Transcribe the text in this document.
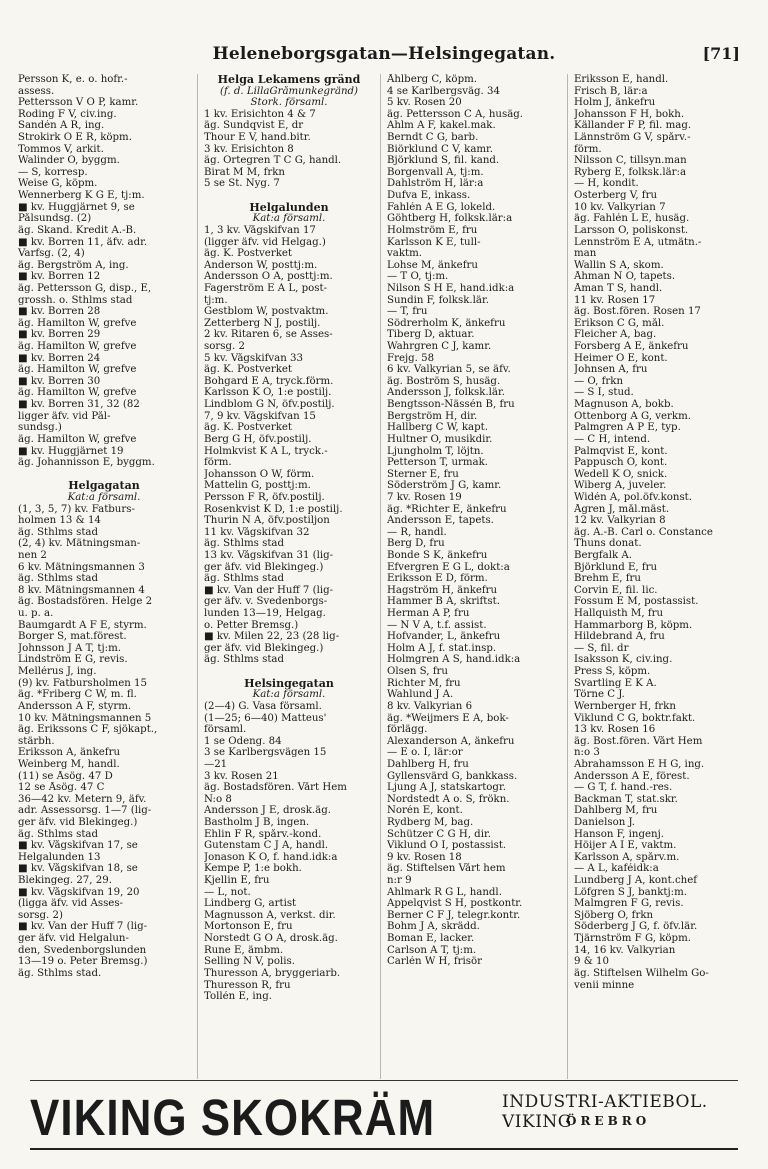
Heleneborgsgatan—Helsingegatan.	[71]
Persson K, e. o. hofr.-
assess.
Pettersson V O P, kamr.
Roding F V, civ.ing.
Sandén A R, ing.
Strokirk O E R, köpm.
Tommos V, arkit.
Walinder O, byggm.
— S, korresp.
Weise G, köpm.
Wennerberg K G E, tj:m.
■ kv. Huggjärnet 9, se
Pålsundsg. (2)
äg. Skand. Kredit A.-B.
■ kv. Borren 11, äfv. adr.
Varfsg. (2, 4)
äg. Bergström A, ing.
■ kv. Borren 12
äg. Pettersson G, disp., E,
grossh. o. Sthlms stad
■ kv. Borren 28
äg. Hamilton W, grefve
■ kv. Borren 29
äg. Hamilton W, grefve
■ kv. Borren 24
äg. Hamilton W, grefve
■ kv. Borren 30
äg. Hamilton W, grefve
■ kv. Borren 31, 32 (82
ligger äfv. vid Pål-
sundsg.)
äg. Hamilton W, grefve
■ kv. Huggjärnet 19
äg. Johannisson E, byggm.
Helgagatan
Kat:a församl.
(1, 3, 5, 7) kv. Fatburs-
holmen 13 & 14
äg. Sthlms stad
(2, 4) kv. Mätningsman-
nen 2
6 kv. Mätningsmannen 3
äg. Sthlms stad
8 kv. Mätningsmannen 4
äg. Bostadsfören. Helge 2
u. p. a.
Baumgardt A F E, styrm.
Borger S, mat.förest.
Johnsson J A T, tj:m.
Lindström E G, revis.
Mellérus J, ing.
(9) kv. Fatbursholmen 15
äg. *Friberg C W, m. fl.
Andersson A F, styrm.
10 kv. Mätningsmannen 5
äg. Erikssons C F, sjökapt.,
stärbh.
Eriksson A, änkefru
Weinberg M, handl.
(11) se Åsög. 47 D
12 se Åsög. 47 C
36—42 kv. Metern 9, äfv.
adr. Assessorsg. 1—7 (lig-
ger äfv. vid Blekingeg.)
äg. Sthlms stad
■ kv. Vågskifvan 17, se
Helgalunden 13
■ kv. Vågskifvan 18, se
Blekingeg. 27, 29.
■ kv. Vågskifvan 19, 20
(ligga äfv. vid Asses-
sorsg. 2)
■ kv. Van der Huff 7 (lig-
ger äfv. vid Helgalun-
den, Svedenborgslunden
13—19 o. Peter Bremsg.)
äg. Sthlms stad.
Helga Lekamens gränd
(f. d. LillaGråmunkegränd)
Stork. församl.
1 kv. Erisichton 4 & 7
äg. Sundqvist E, dr
Thour E V, hand.bitr.
3 kv. Erisichton 8
äg. Örtegren T C G, handl.
Birat M M, frkn
5 se St. Nyg. 7
Helgalunden
Kat:a församl.
1, 3 kv. Vågskifvan 17
(ligger äfv. vid Helgag.)
äg. K. Postverket
Anderson W, posttj:m.
Andersson O A, posttj:m.
Fagerström E A L, post-
tj:m.
Gestblom W, postvaktm.
Zetterberg N J, postilj.
2 kv. Ritaren 6, se Asses-
sorsg. 2
5 kv. Vågskifvan 33
äg. K. Postverket
Bohgard E A, tryck.förm.
Karlsson K O, 1:e postilj.
Lindblom G N, öfv.postilj.
7, 9 kv. Vågskifvan 15
äg. K. Postverket
Berg G H, öfv.postilj.
Holmkvist K A L, tryck.-
förm.
Johansson O W, förm.
Mattelin G, posttj:m.
Persson F R, öfv.postilj.
Rosenkvist K D, 1:e postilj.
Thurin N A, öfv.postiljon
11 kv. Vågskifvan 32
äg. Sthlms stad
13 kv. Vågskifvan 31 (lig-
ger äfv. vid Blekingeg.)
äg. Sthlms stad
■ kv. Van der Huff 7 (lig-
ger äfv. v. Svedenborgs-
lunden 13—19, Helgag.
o. Petter Bremsg.)
■ kv. Milen 22, 23 (28 lig-
ger äfv. vid Blekingeg.)
äg. Sthlms stad
Helsingegatan
Kat:a församl.
(2—4) G. Vasa församl.
(1—25; 6—40) Matteus'
församl.
1 se Odeng. 84
3 se Karlbergsvägen 15
—21
3 kv. Rosen 21
äg. Bostadsfören. Vårt Hem
N:o 8
Andersson J E, drosk.äg.
Bastholm J B, ingen.
Ehlin F R, spårv.-kond.
Gutenstam C J A, handl.
Jonason K O, f. hand.idk:a
Kempe P, 1:e bokh.
Kjellin E, fru
— L, not.
Lindberg G, artist
Magnusson A, verkst. dir.
Mortonson E, fru
Norstedt G O A, drosk.äg.
Rune E, ämbm.
Selling N V, polis.
Thuresson A, bryggeriarb.
Thuresson R, fru
Tollén E, ing.
Åhlberg C, köpm.
4 se Karlbergsväg. 34
5 kv. Rosen 20
äg. Pettersson C A, husäg.
Ahlm A F, kakel.mak.
Berndt C G, barb.
Biörklund C V, kamr.
Björklund S, fil. kand.
Borgenvall A, tj:m.
Dahlström H, lär:a
Dufva E, inkass.
Fahlén A E G, lokeld.
Göhtberg H, folksk.lär:a
Holmström E, fru
Karlsson K E, tull-
vaktm.
Lohse M, änkefru
— T O, tj:m.
Nilson S H E, hand.idk:a
Sundin F, folksk.lär.
— T, fru
Södrerholm K, änkefru
Tiberg D, aktuar.
Wahrgren C J, kamr.
Frejg. 58
6 kv. Valkyrian 5, se äfv.
äg. Boström S, husäg.
Andersson J, folksk.lär.
Bengtsson-Nässén B, fru
Bergström H, dir.
Hallberg C W, kapt.
Hultner O, musikdir.
Ljungholm T, löjtn.
Petterson T, urmak.
Sterner E, fru
Söderström J G, kamr.
7 kv. Rosen 19
äg. *Richter E, änkefru
Andersson E, tapets.
— R, handl.
Berg D, fru
Bonde S K, änkefru
Efvergren E G L, dokt:a
Eriksson E D, förm.
Hagström H, änkefru
Hammer B A, skriftst.
Herman A P, fru
— N V A, t.f. assist.
Hofvander, L, änkefru
Holm A J, f. stat.insp.
Holmgren A S, hand.idk:a
Olsen S, fru
Richter M, fru
Wahlund J A.
8 kv. Valkyrian 6
äg. *Weijmers E A, bok-
förlägg.
Alexanderson A, änkefru
— E o. I, lär:or
Dahlberg H, fru
Gyllensvärd G, bankkass.
Ljung A J, statskartogr.
Nordstedt A o. S, frökn.
Norén E, kont.
Rydberg M, bag.
Schützer C G H, dir.
Viklund O I, postassist.
9 kv. Rosen 18
äg. Stiftelsen Vårt hem
n:r 9
Ahlmark R G L, handl.
Appelqvist S H, postkontr.
Berner C F J, telegr.kontr.
Bohm J A, skrädd.
Boman E, lacker.
Carlson A T, tj:m.
Carlén W H, frisör
Eriksson E, handl.
Frisch B, lär:a
Holm J, änkefru
Johansson F H, bokh.
Källander F P, fil. mag.
Lännström G V, spårv.-
förm.
Nilsson C, tillsyn.man
Ryberg E, folksk.lär:a
— H, kondit.
Österberg V, fru
10 kv. Valkyrian 7
äg. Fahlén L E, husäg.
Larsson O, poliskonst.
Lennström E A, utmätn.-
man
Wallin S A, skom.
Åhman N O, tapets.
Åman T S, handl.
11 kv. Rosen 17
äg. Bost.fören. Rosen 17
Erikson C G, mål.
Fleicher A, bag.
Forsberg A E, änkefru
Heimer O E, kont.
Johnsen A, fru
— O, frkn
— S I, stud.
Magnuson A, bokb.
Ottenborg A G, verkm.
Palmgren A P E, typ.
— C H, intend.
Palmqvist E, kont.
Pappusch O, kont.
Wedell K O, snick.
Wiberg A, juveler.
Widén A, pol.öfv.konst.
Ågren J, mål.mäst.
12 kv. Valkyrian 8
äg. A.-B. Carl o. Constance
Thuns donat.
Bergfalk A.
Björklund E, fru
Brehm E, fru
Corvin E, fil. lic.
Fossum E M, postassist.
Hallquisth M, fru
Hammarborg B, köpm.
Hildebrand A, fru
— S, fil. dr
Isaksson K, civ.ing.
Press S, köpm.
Svartling E K A.
Törne C J.
Wernberger H, frkn
Viklund C G, boktr.fakt.
13 kv. Rosen 16
äg. Bost.fören. Vårt Hem
n:o 3
Abrahamsson E H G, ing.
Andersson A E, förest.
— G T, f. hand.-res.
Backman T, stat.skr.
Dahlberg M, fru
Danielson J.
Hanson F, ingenj.
Höijer A I E, vaktm.
Karlsson A, spårv.m.
— A L, kaféidk:a
Lundberg J A, kont.chef
Löfgren S J, banktj:m.
Malmgren F G, revis.
Sjöberg O, frkn
Söderberg J G, f. öfv.lär.
Tjärnström F G, köpm.
14, 16 kv. Valkyrian
9 & 10
äg. Stiftelsen Wilhelm Go-
venii minne
VIKING SKOKRÄM	INDUSTRI-AKTIEBOL. VIKING
ÖREBRO
